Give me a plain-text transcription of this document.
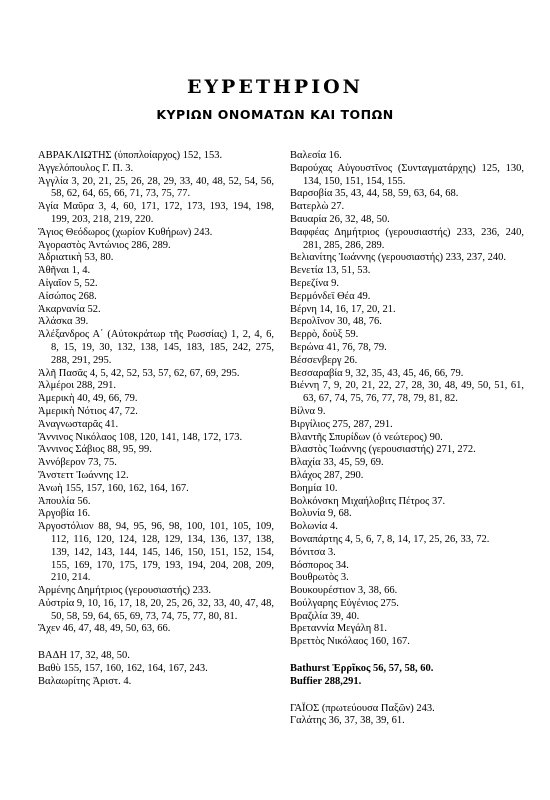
ΕΥΡΕΤΗΡΙΟΝ
ΚΥΡΙΩΝ ΟΝΟΜΑΤΩΝ ΚΑΙ ΤΟΠΩΝ
ΑΒΡΑΚΛΙΩΤΗΣ (ὑποπλοίαρχος) 152, 153.
Ἀγγελόπουλος Γ. Π. 3.
Ἀγγλία 3, 20, 21, 25, 26, 28, 29, 33, 40, 48, 52, 54, 56, 58, 62, 64, 65, 66, 71, 73, 75, 77.
Ἁγία Μαῦρα 3, 4, 60, 171, 172, 173, 193, 194, 198, 199, 203, 218, 219, 220.
Ἅγιος Θεόδωρος (χωρίον Κυθήρων) 243.
Ἀγοραστὸς Ἀντώνιος 286, 289.
Ἀδριατικὴ 53, 80.
Ἀθῆναι 1, 4.
Αἰγαῖον 5, 52.
Αἰσώπος 268.
Ἀκαρνανία 52.
Ἀλάσκα 39.
Ἀλέξανδρος Α΄ (Αὐτοκράτωρ τῆς Ρωσσίας) 1, 2, 4, 6, 8, 15, 19, 30, 132, 138, 145, 183, 185, 242, 275, 288, 291, 295.
Ἀλῆ Πασᾶς 4, 5, 42, 52, 53, 57, 62, 67, 69, 295.
Ἀλμέροι 288, 291.
Ἀμερικὴ 40, 49, 66, 79.
Ἀμερικὴ Νότιος 47, 72.
Ἀναγνωσταρᾶς 41.
Ἄννινος Νικόλαος 108, 120, 141, 148, 172, 173.
Ἄννινος Σάβιος 88, 95, 99.
Ἀννόβερον 73, 75.
Ἄνστεττ Ἰωάννης 12.
Ἀνωὴ 155, 157, 160, 162, 164, 167.
Ἀπουλία 56.
Ἀργοβία 16.
Ἀργοστόλιον 88, 94, 95, 96, 98, 100, 101, 105, 109, 112, 116, 120, 124, 128, 129, 134, 136, 137, 138, 139, 142, 143, 144, 145, 146, 150, 151, 152, 154, 155, 169, 170, 175, 179, 193, 194, 204, 208, 209, 210, 214.
Ἀρμένης Δημήτριος (γερουσιαστής) 233.
Αὐστρία 9, 10, 16, 17, 18, 20, 25, 26, 32, 33, 40, 47, 48, 50, 58, 59, 64, 65, 69, 73, 74, 75, 77, 80, 81.
Ἄχεν 46, 47, 48, 49, 50, 63, 66.
ΒΑΔΗ 17, 32, 48, 50.
Βαθὺ 155, 157, 160, 162, 164, 167, 243.
Βαλαωρίτης Ἀριστ. 4.
Βαλεσία 16.
Βαρούχας Αὐγουστῖνος (Συνταγματάρχης) 125, 130, 134, 150, 151, 154, 155.
Βαρσοβία 35, 43, 44, 58, 59, 63, 64, 68.
Βατερλὼ 27.
Βαυαρία 26, 32, 48, 50.
Βαφφέας Δημήτριος (γερουσιαστής) 233, 236, 240, 281, 285, 286, 289.
Βελιανίτης Ἰωάννης (γερουσιαστής) 233, 237, 240.
Βενετία 13, 51, 53.
Βερεζίνα 9.
Βερμόνδεϊ Θέα 49.
Βέρνη 14, 16, 17, 20, 21.
Βερολῖνον 30, 48, 76.
Βερρὸ, δοὺξ 59.
Βερώνα 41, 76, 78, 79.
Βέσσενβεργ 26.
Βεσσαραβία 9, 32, 35, 43, 45, 46, 66, 79.
Βιέννη 7, 9, 20, 21, 22, 27, 28, 30, 48, 49, 50, 51, 61, 63, 67, 74, 75, 76, 77, 78, 79, 81, 82.
Βίλνα 9.
Βιργίλιος 275, 287, 291.
Βλαντῆς Σπυρίδων (ὁ νεώτερος) 90.
Βλαστὸς Ἰωάννης (γερουσιαστής) 271, 272.
Βλαχία 33, 45, 59, 69.
Βλάχος 287, 290.
Βοημία 10.
Βολκόνσκη Μιχαήλοβιτς Πέτρος 37.
Βολυνία 9, 68.
Βολωνία 4.
Βοναπάρτης 4, 5, 6, 7, 8, 14, 17, 25, 26, 33, 72.
Βόνιτσα 3.
Βόσπορος 34.
Βουθρωτὸς 3.
Βουκουρέστιον 3, 38, 66.
Βούλγαρης Εὐγένιος 275.
Βραζιλία 39, 40.
Βρεταννία Μεγάλη 81.
Βρεττὸς Νικόλαος 160, 167.
Bathurst Ἐρρῖκος 56, 57, 58, 60.
Buffier 288,291.
ΓΑΪΟΣ (πρωτεύουσα Παξῶν) 243.
Γαλάτης 36, 37, 38, 39, 61.
